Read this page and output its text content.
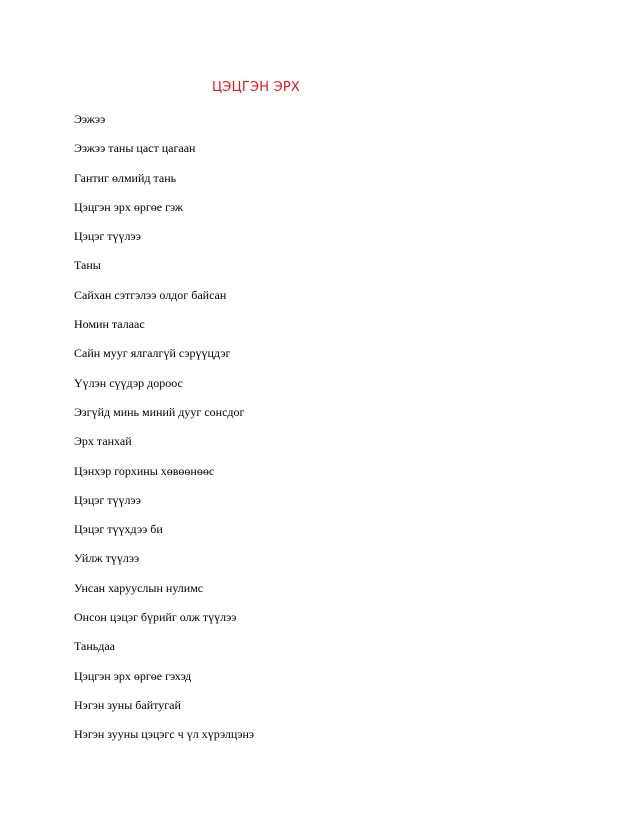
ЦЭЦГЭН ЭРХ
Ээжээ
Ээжээ таны цаст цагаан
Гантиг өлмийд тань
Цэцгэн эрх өргөе гэж
Цэцэг түүлээ
Таны
Сайхан сэтгэлээ олдог байсан
Номин талаас
Сайн мууг ялгалгүй сэрүүцдэг
Үүлэн сүүдэр дороос
Эзгүйд минь миний дууг сонсдог
Эрх танхай
Цэнхэр горхины хөвөөнөөс
Цэцэг түүлээ
Цэцэг түүхдээ би
Уйлж түүлээ
Унсан харууслын нулимс
Онсон цэцэг бүрийг олж түүлээ
Таньдаа
Цэцгэн эрх өргөе гэхэд
Нэгэн зуны байтугай
Нэгэн зууны цэцэгс ч үл хүрэлцэнэ
